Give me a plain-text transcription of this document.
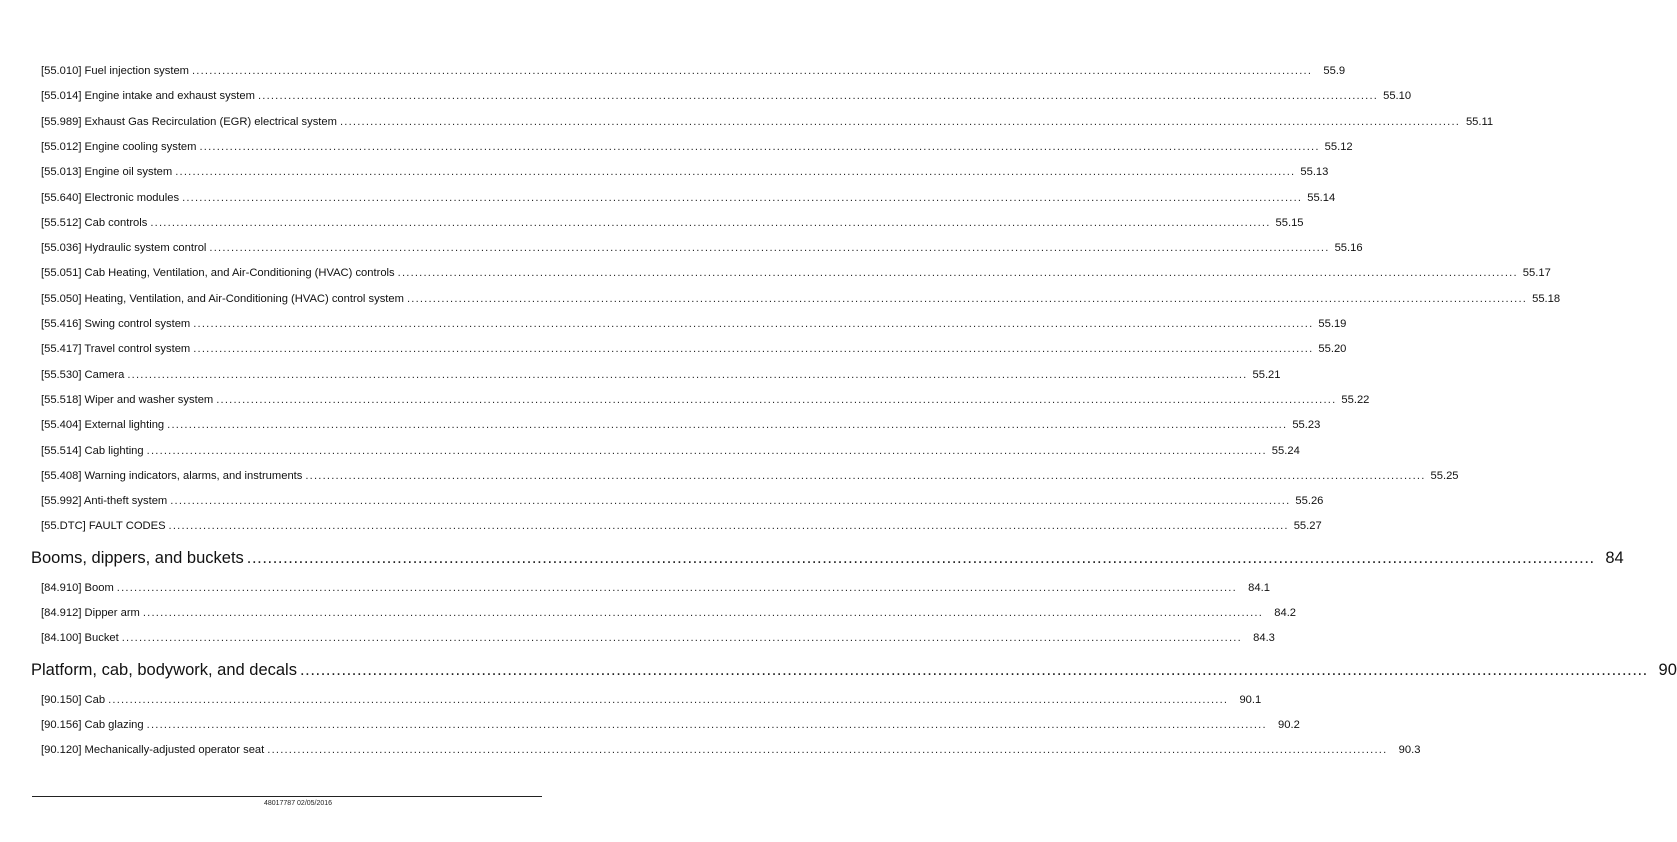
[55.010] Fuel injection system ....................................................................................................................................................................................................................................................................	55.9
[55.014] Engine intake and exhaust system .................................................................................................................................................................................................................................................................... 55.10
[55.989] Exhaust Gas Recirculation (EGR) electrical system .................................................................................................................................................................................................................................................................... 55.11
[55.012] Engine cooling system .................................................................................................................................................................................................................................................................... 55.12
[55.013] Engine oil system .................................................................................................................................................................................................................................................................... 55.13
[55.640] Electronic modules .................................................................................................................................................................................................................................................................... 55.14
[55.512] Cab controls .................................................................................................................................................................................................................................................................... 55.15
[55.036] Hydraulic system control .................................................................................................................................................................................................................................................................... 55.16
[55.051] Cab Heating, Ventilation, and Air-Conditioning (HVAC) controls .................................................................................................................................................................................................................................................................... 55.17
[55.050] Heating, Ventilation, and Air-Conditioning (HVAC) control system .................................................................................................................................................................................................................................................................... 55.18
[55.416] Swing control system .................................................................................................................................................................................................................................................................... 55.19
[55.417] Travel control system .................................................................................................................................................................................................................................................................... 55.20
[55.530] Camera .................................................................................................................................................................................................................................................................... 55.21
[55.518] Wiper and washer system .................................................................................................................................................................................................................................................................... 55.22
[55.404] External lighting .................................................................................................................................................................................................................................................................... 55.23
[55.514] Cab lighting .................................................................................................................................................................................................................................................................... 55.24
[55.408] Warning indicators, alarms, and instruments .................................................................................................................................................................................................................................................................... 55.25
[55.992] Anti-theft system .................................................................................................................................................................................................................................................................... 55.26
[55.DTC] FAULT CODES .................................................................................................................................................................................................................................................................... 55.27
Booms, dippers, and buckets .................................................................................................................................................................................................................................................................... 84
[84.910] Boom ....................................................................................................................................................................................................................................................................	84.1
[84.912] Dipper arm ....................................................................................................................................................................................................................................................................	84.2
[84.100] Bucket ....................................................................................................................................................................................................................................................................	84.3
Platform, cab, bodywork, and decals .................................................................................................................................................................................................................................................................... 90
[90.150] Cab ....................................................................................................................................................................................................................................................................	90.1
[90.156] Cab glazing ....................................................................................................................................................................................................................................................................	90.2
[90.120] Mechanically-adjusted operator seat ....................................................................................................................................................................................................................................................................	90.3
48017787 02/05/2016
